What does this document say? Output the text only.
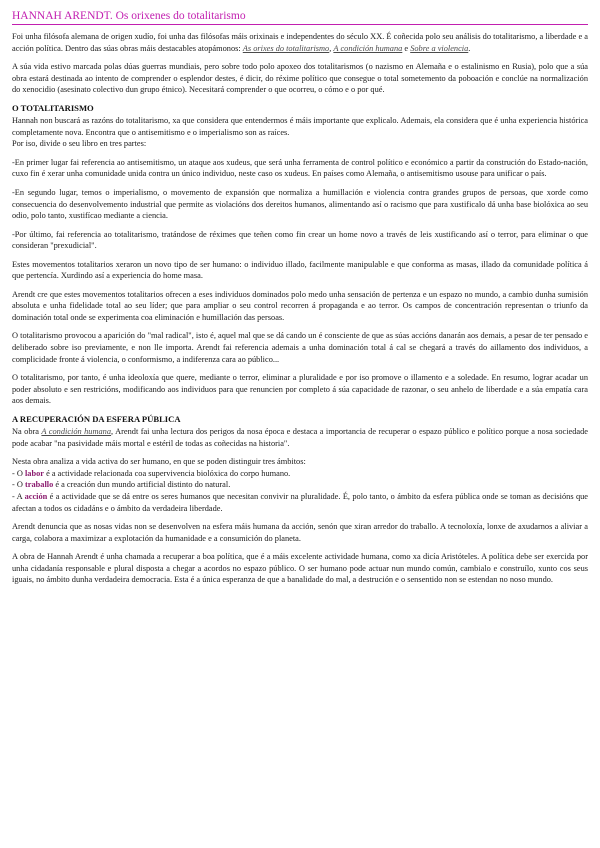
HANNAH ARENDT. Os orixenes do totalitarismo

Foi unha filósofa alemana de origen xudío, foi unha das filósofas máis orixinais e independentes do século XX. É coñecida polo seu análisis do totalitarismo, a liberdade e a acción política. Dentro das súas obras máis destacables atopámonos: As orixes do totalitarismo, A condición humana e Sobre a violencia.

A súa vida estivo marcada polas dúas guerras mundiais, pero sobre todo polo apoxeo dos totalitarismos (o nazismo en Alemaña e o estalinismo en Rusia), polo que a súa obra estará destinada ao intento de comprender o esplendor destes, é dicir, do réxime político que consegue o total sometemento da poboación e conclúe na normalización do xenocidio (asesinato colectivo dun grupo étnico). Necesitará comprender o que ocorreu, o cómo e o por qué.

O TOTALITARISMO

Hannah non buscará as razóns do totalitarismo, xa que considera que entendermos é máis importante que explicalo. Ademais, ela considera que é unha experiencia histórica completamente nova. Encontra que o antisemitismo e o imperialismo son as raíces.

Por iso, divide o seu libro en tres partes:

-En primer lugar fai referencia ao antisemitismo, un ataque aos xudeus, que será unha ferramenta de control político e económico a partir da construción do Estado-nación, cuxo fin é xerar unha comunidade unida contra un único individuo, neste caso os xudeus. En países como Alemaña, o antisemitismo usouse para unificar o país.

-En segundo lugar, temos o imperialismo, o movemento de expansión que normaliza a humillación e violencia contra grandes grupos de persoas, que xorde como consecuencia do desenvolvemento industrial que permite as violacións dos dereitos humanos, alimentando así o racismo que para xustificalo dá unha base biolóxica ao seu odio, polo tanto, xustifícao mediante a ciencia.

-Por último, fai referencia ao totalitarismo, tratándose de réximes que teñen como fin crear un home novo a través de leis xustificando así o terror, para eliminar o que consideran "prexudicial".

Estes movementos totalitarios xeraron un novo tipo de ser humano: o individuo illado, facilmente manipulable e que conforma as masas, illado da comunidade política á que pertencía. Xurdindo así a experiencia do home masa.

Arendt cre que estes movementos totalitarios ofrecen a eses individuos dominados polo medo unha sensación de pertenza e un espazo no mundo, a cambio dunha sumisión absoluta e unha fidelidade total ao seu líder; que para ampliar o seu control recorren á propaganda e ao terror. Os campos de concentración representan o triunfo da dominación total onde se experimenta coa eliminación e humillación das persoas.

O totalitarismo provocou a aparición do "mal radical", isto é, aquel mal que se dá cando un é consciente de que as súas accións danarán aos demais, a pesar de ter pensado e deliberado sobre iso previamente, e non lle importa. Arendt fai referencia ademais a unha dominación total á cal se chegará a través do aillamento dos individuos, a complicidade fronte á violencia, o conformismo, a indiferenza cara ao público...

O totalitarismo, por tanto, é unha ideoloxía que quere, mediante o terror, eliminar a pluralidade e por iso promove o illamento e a soledade. En resumo, lograr acadar un poder absoluto e sen restricións, modificando aos individuos para que renuncien por completo á súa capacidade de razonar, o seu anhelo de liberdade e a súa empatía cara aos demais.

A RECUPERACIÓN DA ESFERA PÚBLICA

Na obra A condición humana, Arendt fai unha lectura dos perigos da nosa época e destaca a importancia de recuperar o espazo público e político porque a nosa sociedade pode acabar "na pasividade máis mortal e estéril de todas as coñecidas na historia".

Nesta obra analiza a vida activa do ser humano, en que se poden distinguir tres ámbitos:
- O labor é a actividade relacionada coa supervivencia biolóxica do corpo humano.
- O traballo é a creación dun mundo artificial distinto do natural.
- A acción é a actividade que se dá entre os seres humanos que necesitan convivir na pluralidade. É, polo tanto, o ámbito da esfera pública onde se toman as decisións que afectan a todos os cidadáns e o ámbito da verdadeira liberdade.

Arendt denuncia que as nosas vidas non se desenvolven na esfera máis humana da acción, senón que xiran arredor do traballo. A tecnoloxía, lonxe de axudarnos a aliviar a carga, colabora a maximizar a explotación da humanidade e a consumición do planeta.

A obra de Hannah Arendt é unha chamada a recuperar a boa política, que é a máis excelente actividade humana, como xa dicía Aristóteles. A política debe ser exercida por unha cidadanía responsable e plural disposta a chegar a acordos no espazo público. O ser humano pode actuar nun mundo común, cambialo e construílo, xunto cos seus iguais, no ámbito dunha verdadeira democracia. Esta é a única esperanza de que a banalidade do mal, a destrución e o sensentido non se estendan no noso mundo.
